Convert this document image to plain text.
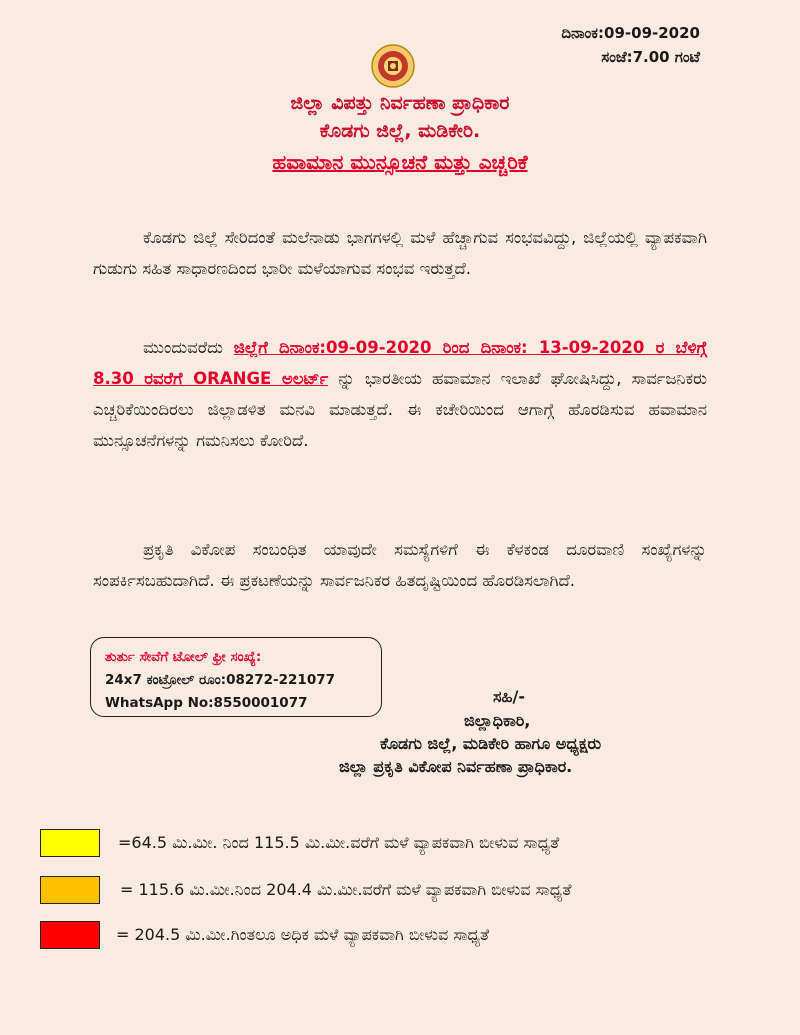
ದಿನಾಂಕ:09-09-2020
ಸಂಜೆ:7.00 ಗಂಟೆ
ಜಿಲ್ಲಾ ವಿಪತ್ತು ನಿರ್ವಹಣಾ ಪ್ರಾಧಿಕಾರ
ಕೊಡಗು ಜಿಲ್ಲೆ, ಮಡಿಕೇರಿ.
ಹವಾಮಾನ ಮುನ್ಸೂಚನೆ ಮತ್ತು ಎಚ್ಚರಿಕೆ
ಕೊಡಗು ಜಿಲ್ಲೆ ಸೇರಿದಂತೆ ಮಲೆನಾಡು ಭಾಗಗಳಲ್ಲಿ ಮಳೆ ಹೆಚ್ಚಾಗುವ ಸಂಭವವಿದ್ದು, ಜಿಲ್ಲೆಯಲ್ಲಿ ವ್ಯಾಪಕವಾಗಿ ಗುಡುಗು ಸಹಿತ ಸಾಧಾರಣದಿಂದ ಭಾರೀ ಮಳೆಯಾಗುವ ಸಂಭವ ಇರುತ್ತದೆ.
ಮುಂದುವರೆದು ಜಿಲ್ಲೆಗೆ ದಿನಾಂಕ:09-09-2020 ರಿಂದ ದಿನಾಂಕ: 13-09-2020 ರ ಬೆಳಿಗ್ಗೆ 8.30 ರವರೆಗೆ ORANGE ಅಲರ್ಟ್ ನ್ನು ಭಾರತೀಯ ಹವಾಮಾನ ಇಲಾಖೆ ಘೋಷಿಸಿದ್ದು, ಸಾರ್ವಜನಿಕರು ಎಚ್ಚರಿಕೆಯಿಂದಿರಲು ಜಿಲ್ಲಾಡಳಿತ ಮನವಿ ಮಾಡುತ್ತದೆ. ಈ ಕಚೇರಿಯಿಂದ ಆಗಾಗ್ಗೆ ಹೊರಡಿಸುವ ಹವಾಮಾನ ಮುನ್ಸೂಚನೆಗಳನ್ನು ಗಮನಿಸಲು ಕೋರಿದೆ.
ಪ್ರಕೃತಿ ವಿಕೋಪ ಸಂಬಂಧಿತ ಯಾವುದೇ ಸಮಸ್ಯೆಗಳಿಗೆ ಈ ಕೆಳಕಂಡ ದೂರವಾಣಿ ಸಂಖ್ಯೆಗಳನ್ನು ಸಂಪರ್ಕಿಸಬಹುದಾಗಿದೆ. ಈ ಪ್ರಕಟಣೆಯನ್ನು ಸಾರ್ವಜನಿಕರ ಹಿತದೃಷ್ಟಿಯಿಂದ ಹೊರಡಿಸಲಾಗಿದೆ.
ತುರ್ತು ಸೇವೆಗೆ ಟೋಲ್ ಫ್ರೀ ಸಂಖ್ಯೆ:
24x7 ಕಂಟ್ರೋಲ್ ರೂಂ:08272-221077
WhatsApp No:8550001077	ಸಹಿ/-
ಜಿಲ್ಲಾಧಿಕಾರಿ,
ಕೊಡಗು ಜಿಲ್ಲೆ, ಮಡಿಕೇರಿ ಹಾಗೂ ಅಧ್ಯಕ್ಷರು
ಜಿಲ್ಲಾ ಪ್ರಕೃತಿ ವಿಕೋಪ ನಿರ್ವಹಣಾ ಪ್ರಾಧಿಕಾರ.
=64.5 ಮಿ.ಮೀ. ನಿಂದ 115.5 ಮಿ.ಮೀ.ವರೆಗೆ ಮಳೆ ವ್ಯಾಪಕವಾಗಿ ಬೀಳುವ ಸಾಧ್ಯತೆ
= 115.6 ಮಿ.ಮೀ.ನಿಂದ 204.4 ಮಿ.ಮೀ.ವರೆಗೆ ಮಳೆ ವ್ಯಾಪಕವಾಗಿ ಬೀಳುವ ಸಾಧ್ಯತೆ
= 204.5 ಮಿ.ಮೀ.ಗಿಂತಲೂ ಅಧಿಕ ಮಳೆ ವ್ಯಾಪಕವಾಗಿ ಬೀಳುವ ಸಾಧ್ಯತೆ
